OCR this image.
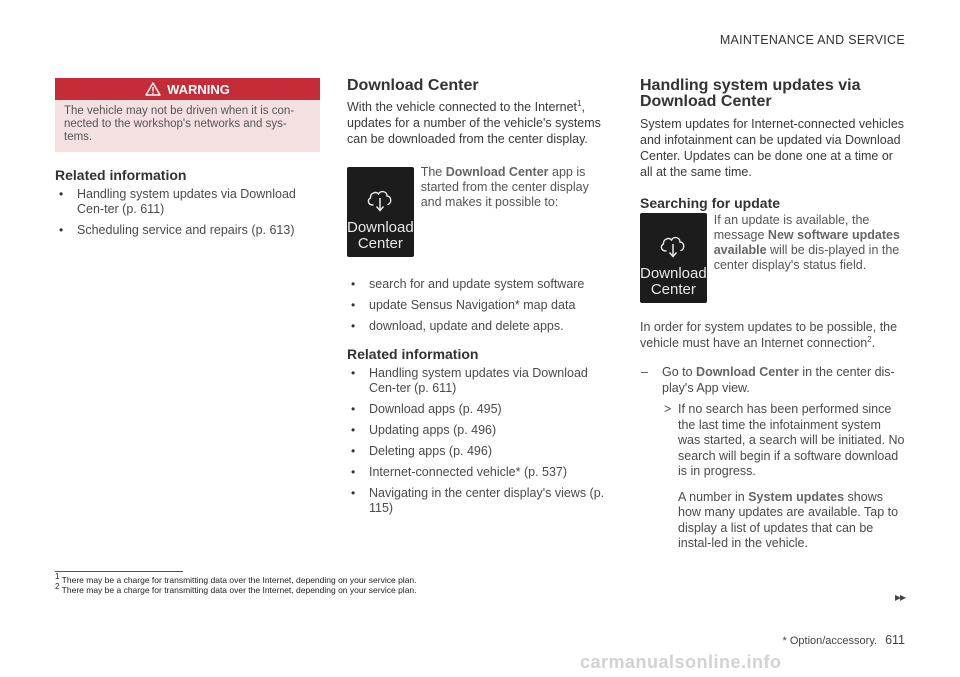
MAINTENANCE AND SERVICE
WARNING
The vehicle may not be driven when it is con-nected to the workshop's networks and sys-tems.
Related information
• Handling system updates via Download Cen-ter (p. 611)
• Scheduling service and repairs (p. 613)
Download Center
With the vehicle connected to the Internet$^1$, updates for a number of the vehicle's systems can be downloaded from the center display.
Download
Center
The Download Center app is started from the center display and makes it possible to:
• search for and update system software
• update Sensus Navigation* map data
• download, update and delete apps.
Related information
• Handling system updates via Download Cen-ter (p. 611)
• Download apps (p. 495)
• Updating apps (p. 496)
• Deleting apps (p. 496)
• Internet-connected vehicle* (p. 537)
• Navigating in the center display's views (p. 115)
Handling system updates via Download Center
System updates for Internet-connected vehicles and infotainment can be updated via Download Center. Updates can be done one at a time or all at the same time.
Searching for update
Download
Center
If an update is available, the message New software updates available will be dis-played in the center display's status field.
In order for system updates to be possible, the vehicle must have an Internet connection$^2$.
– Go to Download Center in the center dis-play's App view.
> If no search has been performed since the last time the infotainment system was started, a search will be initiated. No search will begin if a software download is in progress.
A number in System updates shows how many updates are available. Tap to display a list of updates that can be instal-led in the vehicle.
$^1$ There may be a charge for transmitting data over the Internet, depending on your service plan.
$^2$ There may be a charge for transmitting data over the Internet, depending on your service plan.	▸▸
* Option/accessory. 611
carmanualsonline.info
